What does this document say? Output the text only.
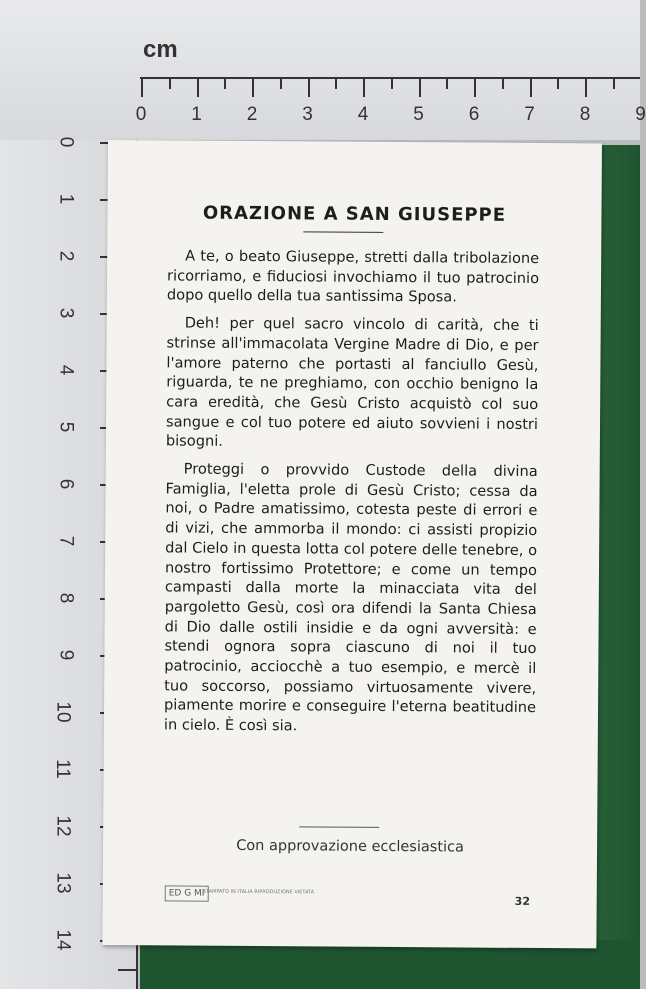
cm
0 1 2 3 4 5 6 7 8 9
0
1
2
3
4
5
6
7
8
9
10
11
12
13
14
ORAZIONE A SAN GIUSEPPE

A te, o beato Giuseppe, stretti dalla tribolazione ricorriamo, e fiduciosi invochiamo il tuo patrocinio dopo quello della tua santissima Sposa.

Deh! per quel sacro vincolo di carità, che ti strinse all'immacolata Vergine Madre di Dio, e per l'amore paterno che portasti al fanciullo Gesù, riguarda, te ne preghiamo, con occhio benigno la cara eredità, che Gesù Cristo acquistò col suo sangue e col tuo potere ed aiuto sovvieni i nostri bisogni.

Proteggi o provvido Custode della divina Famiglia, l'eletta prole di Gesù Cristo; cessa da noi, o Padre amatissimo, cotesta peste di errori e di vizi, che ammorba il mondo: ci assisti propizio dal Cielo in questa lotta col potere delle tenebre, o nostro fortissimo Protettore; e come un tempo campasti dalla morte la minacciata vita del pargoletto Gesù, così ora difendi la Santa Chiesa di Dio dalle ostili insidie e da ogni avversità: e stendi ognora sopra ciascuno di noi il tuo patrocinio, acciocchè a tuo esempio, e mercè il tuo soccorso, possiamo virtuosamente vivere, piamente morire e conseguire l'eterna beatitudine in cielo. È così sia.

Con approvazione ecclesiastica
ED G MI
STAMPATO IN ITALIA RIPRODUZIONE VIETATA
32
